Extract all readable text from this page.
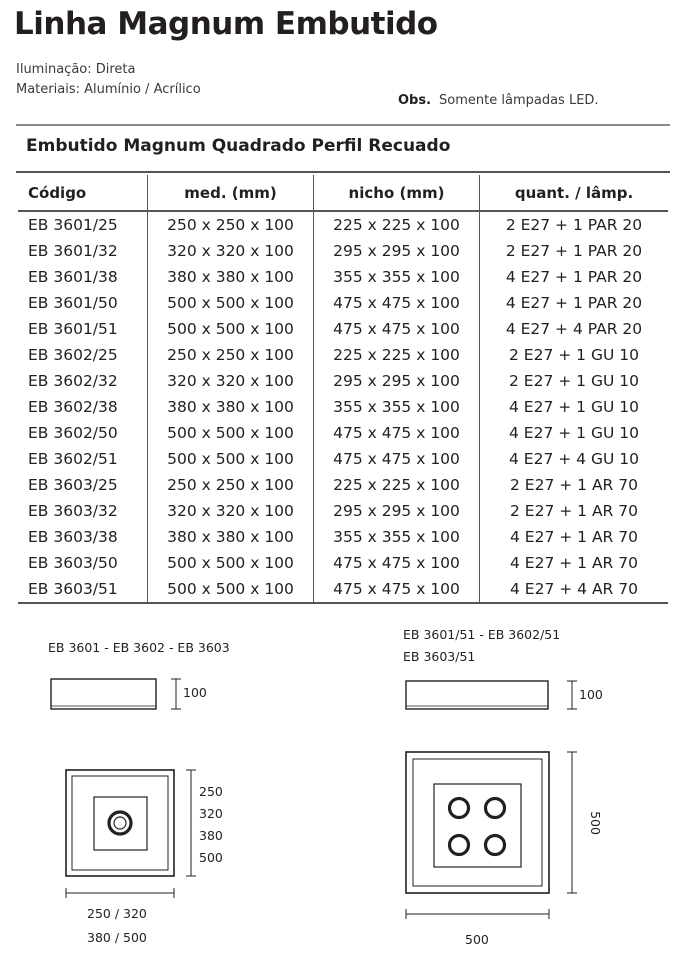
Linha Magnum Embutido
Iluminação: Direta
Materiais: Alumínio / Acrílico
Obs. Somente lâmpadas LED.
Embutido Magnum Quadrado Perfil Recuado
Código	med. (mm)	nicho (mm)	quant. / lâmp.
EB 3601/25	250 x 250 x 100	225 x 225 x 100	2 E27 + 1 PAR 20
EB 3601/32	320 x 320 x 100	295 x 295 x 100	2 E27 + 1 PAR 20
EB 3601/38	380 x 380 x 100	355 x 355 x 100	4 E27 + 1 PAR 20
EB 3601/50	500 x 500 x 100	475 x 475 x 100	4 E27 + 1 PAR 20
EB 3601/51	500 x 500 x 100	475 x 475 x 100	4 E27 + 4 PAR 20
EB 3602/25	250 x 250 x 100	225 x 225 x 100	2 E27 + 1 GU 10
EB 3602/32	320 x 320 x 100	295 x 295 x 100	2 E27 + 1 GU 10
EB 3602/38	380 x 380 x 100	355 x 355 x 100	4 E27 + 1 GU 10
EB 3602/50	500 x 500 x 100	475 x 475 x 100	4 E27 + 1 GU 10
EB 3602/51	500 x 500 x 100	475 x 475 x 100	4 E27 + 4 GU 10
EB 3603/25	250 x 250 x 100	225 x 225 x 100	2 E27 + 1 AR 70
EB 3603/32	320 x 320 x 100	295 x 295 x 100	2 E27 + 1 AR 70
EB 3603/38	380 x 380 x 100	355 x 355 x 100	4 E27 + 1 AR 70
EB 3603/50	500 x 500 x 100	475 x 475 x 100	4 E27 + 1 AR 70
EB 3603/51	500 x 500 x 100	475 x 475 x 100	4 E27 + 4 AR 70
500
EB 3601 - EB 3602 - EB 3603
100
250
320
380
500
250 / 320
380 / 500
EB 3601/51 - EB 3602/51
EB 3603/51
100
500
